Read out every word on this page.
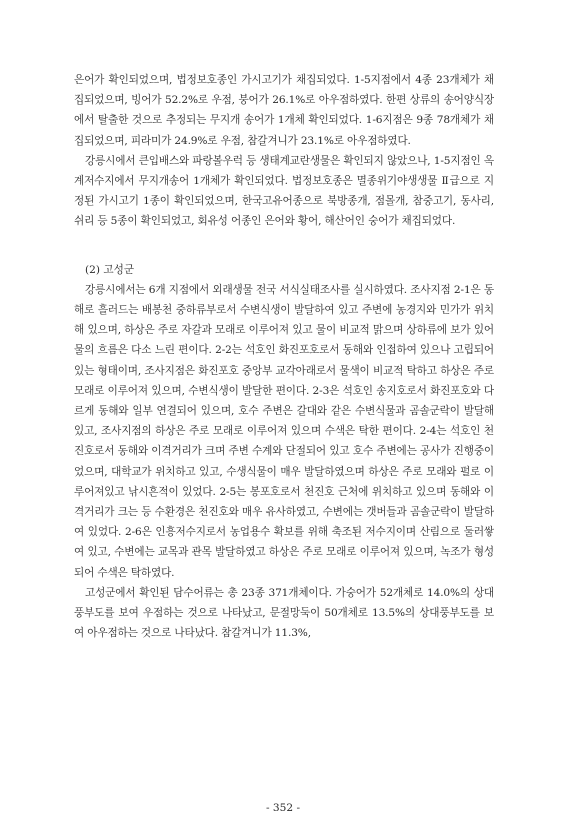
은어가 확인되었으며, 법정보호종인 가시고기가 채집되었다. 1-5지점에서 4종 23개체가 채집되었으며, 빙어가 52.2%로 우점, 붕어가 26.1%로 아우점하였다. 한편 상류의 송어양식장에서 탈출한 것으로 추정되는 무지개 송어가 1개체 확인되었다. 1-6지점은 9종 78개체가 채집되었으며, 피라미가 24.9%로 우점, 참갈겨니가 23.1%로 아우점하였다.

강릉시에서 큰입배스와 파랑볼우럭 등 생태계교란생물은 확인되지 않았으나, 1-5지점인 옥계저수지에서 무지개송어 1개체가 확인되었다. 법정보호종은 멸종위기야생생물 Ⅱ급으로 지정된 가시고기 1종이 확인되었으며, 한국고유어종으로 북방종개, 점몰개, 참중고기, 동사리, 쉬리 등 5종이 확인되었고, 회유성 어종인 은어와 황어, 해산어인 숭어가 채집되었다.

(2) 고성군

강릉시에서는 6개 지점에서 외래생물 전국 서식실태조사를 실시하였다. 조사지점 2-1은 동해로 흘러드는 배봉천 중하류부로서 수변식생이 발달하여 있고 주변에 농경지와 민가가 위치해 있으며, 하상은 주로 자갈과 모래로 이루어져 있고 물이 비교적 맑으며 상하류에 보가 있어 물의 흐름은 다소 느린 편이다. 2-2는 석호인 화진포호로서 동해와 인접하여 있으나 고립되어 있는 형태이며, 조사지점은 화진포호 중앙부 교각아래로서 물색이 비교적 탁하고 하상은 주로 모래로 이루어져 있으며, 수변식생이 발달한 편이다. 2-3은 석호인 송지호로서 화진포호와 다르게 동해와 일부 연결되어 있으며, 호수 주변은 갈대와 같은 수변식물과 곰솔군락이 발달해있고, 조사지점의 하상은 주로 모래로 이루어져 있으며 수색은 탁한 편이다. 2-4는 석호인 천진호로서 동해와 이격거리가 크며 주변 수계와 단절되어 있고 호수 주변에는 공사가 진행중이었으며, 대학교가 위치하고 있고, 수생식물이 매우 발달하였으며 하상은 주로 모래와 펄로 이루어져있고 낚시흔적이 있었다. 2-5는 봉포호로서 천진호 근처에 위치하고 있으며 동해와 이격거리가 크는 등 수환경은 천진호와 매우 유사하였고, 수변에는 갯버들과 곰솔군락이 발달하여 있었다. 2-6은 인흥저수지로서 농업용수 확보를 위해 축조된 저수지이며 산림으로 둘러쌓여 있고, 수변에는 교목과 관목 발달하였고 하상은 주로 모래로 이루어져 있으며, 녹조가 형성되어 수색은 탁하였다.

고성군에서 확인된 담수어류는 총 23종 371개체이다. 가숭어가 52개체로 14.0%의 상대풍부도를 보여 우점하는 것으로 나타났고, 문절망둑이 50개체로 13.5%의 상대풍부도를 보여 아우점하는 것으로 나타났다. 참갈겨니가 11.3%,

- 352 -
